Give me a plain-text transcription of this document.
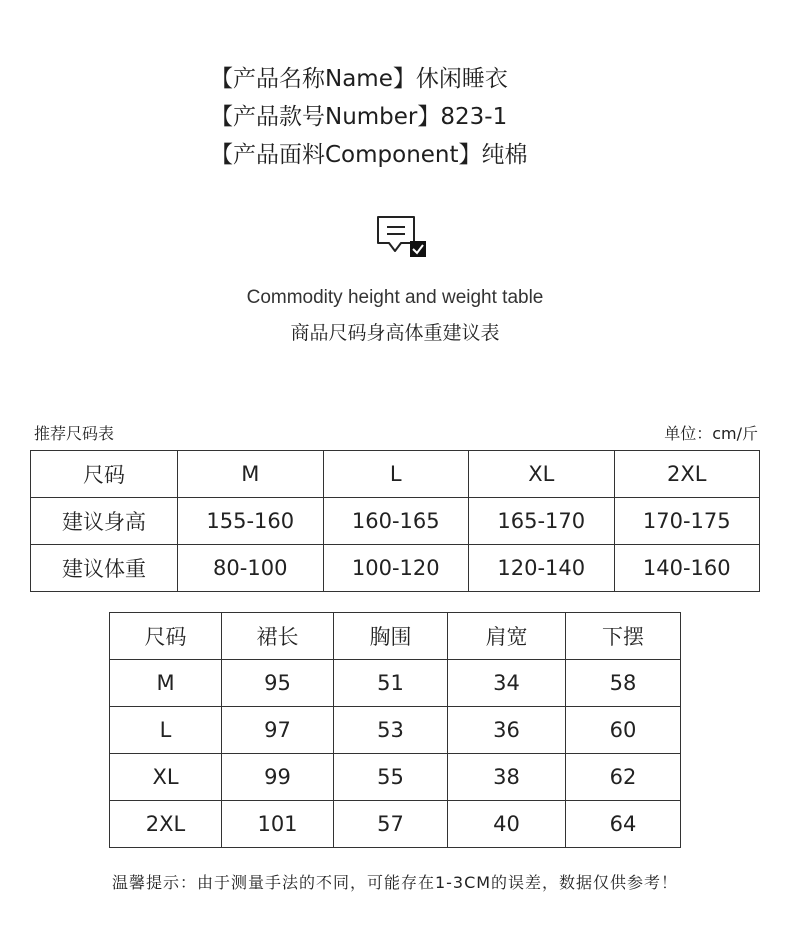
【产品名称Name】休闲睡衣
【产品款号Number】823-1
【产品面料Component】纯棉
Commodity height and weight table
商品尺码身高体重建议表
推荐尺码表	单位：cm/斤
尺码	M	L	XL	2XL
建议身高	155-160	160-165	165-170	170-175
建议体重	80-100	100-120	120-140	140-160
尺码	裙长	胸围	肩宽	下摆
M	95	51	34	58
L	97	53	36	60
XL	99	55	38	62
2XL	101	57	40	64
温馨提示：由于测量手法的不同，可能存在1-3CM的误差，数据仅供参考！
